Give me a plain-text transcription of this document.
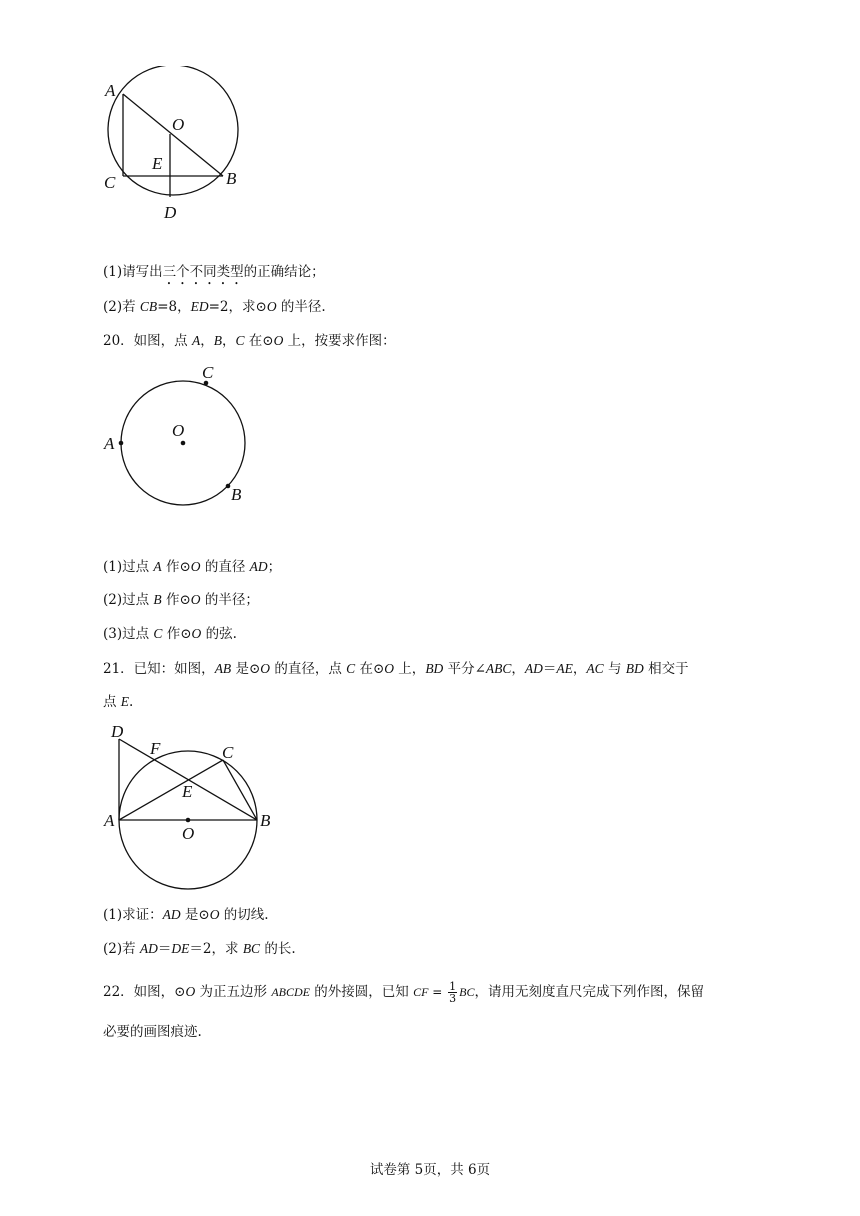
A
O
E
C	B
D
(1)请写出三个不同类型的正确结论；
(2)若 CB=8，ED=2，求⊙O 的半径.
20．如图，点 A，B，C 在⊙O 上，按要求作图：
C
O
A
B
(1)过点 A 作⊙O 的直径 AD；
(2)过点 B 作⊙O 的半径；
(3)过点 C 作⊙O 的弦.
21．已知：如图，AB 是⊙O 的直径，点 C 在⊙O 上，BD 平分∠ABC，AD＝AE，AC 与 BD 相交于
点 E.
D
F	C
E
A
O
B
(1)求证：AD 是⊙O 的切线.
(2)若 AD＝DE＝2，求 BC 的长.
22．如图，⊙O 为正五边形 ABCDE 的外接圆，已知 CF = $\frac{1}{3}$ BC，请用无刻度直尺完成下列作图，保留
必要的画图痕迹.
试卷第 5页，共 6页
